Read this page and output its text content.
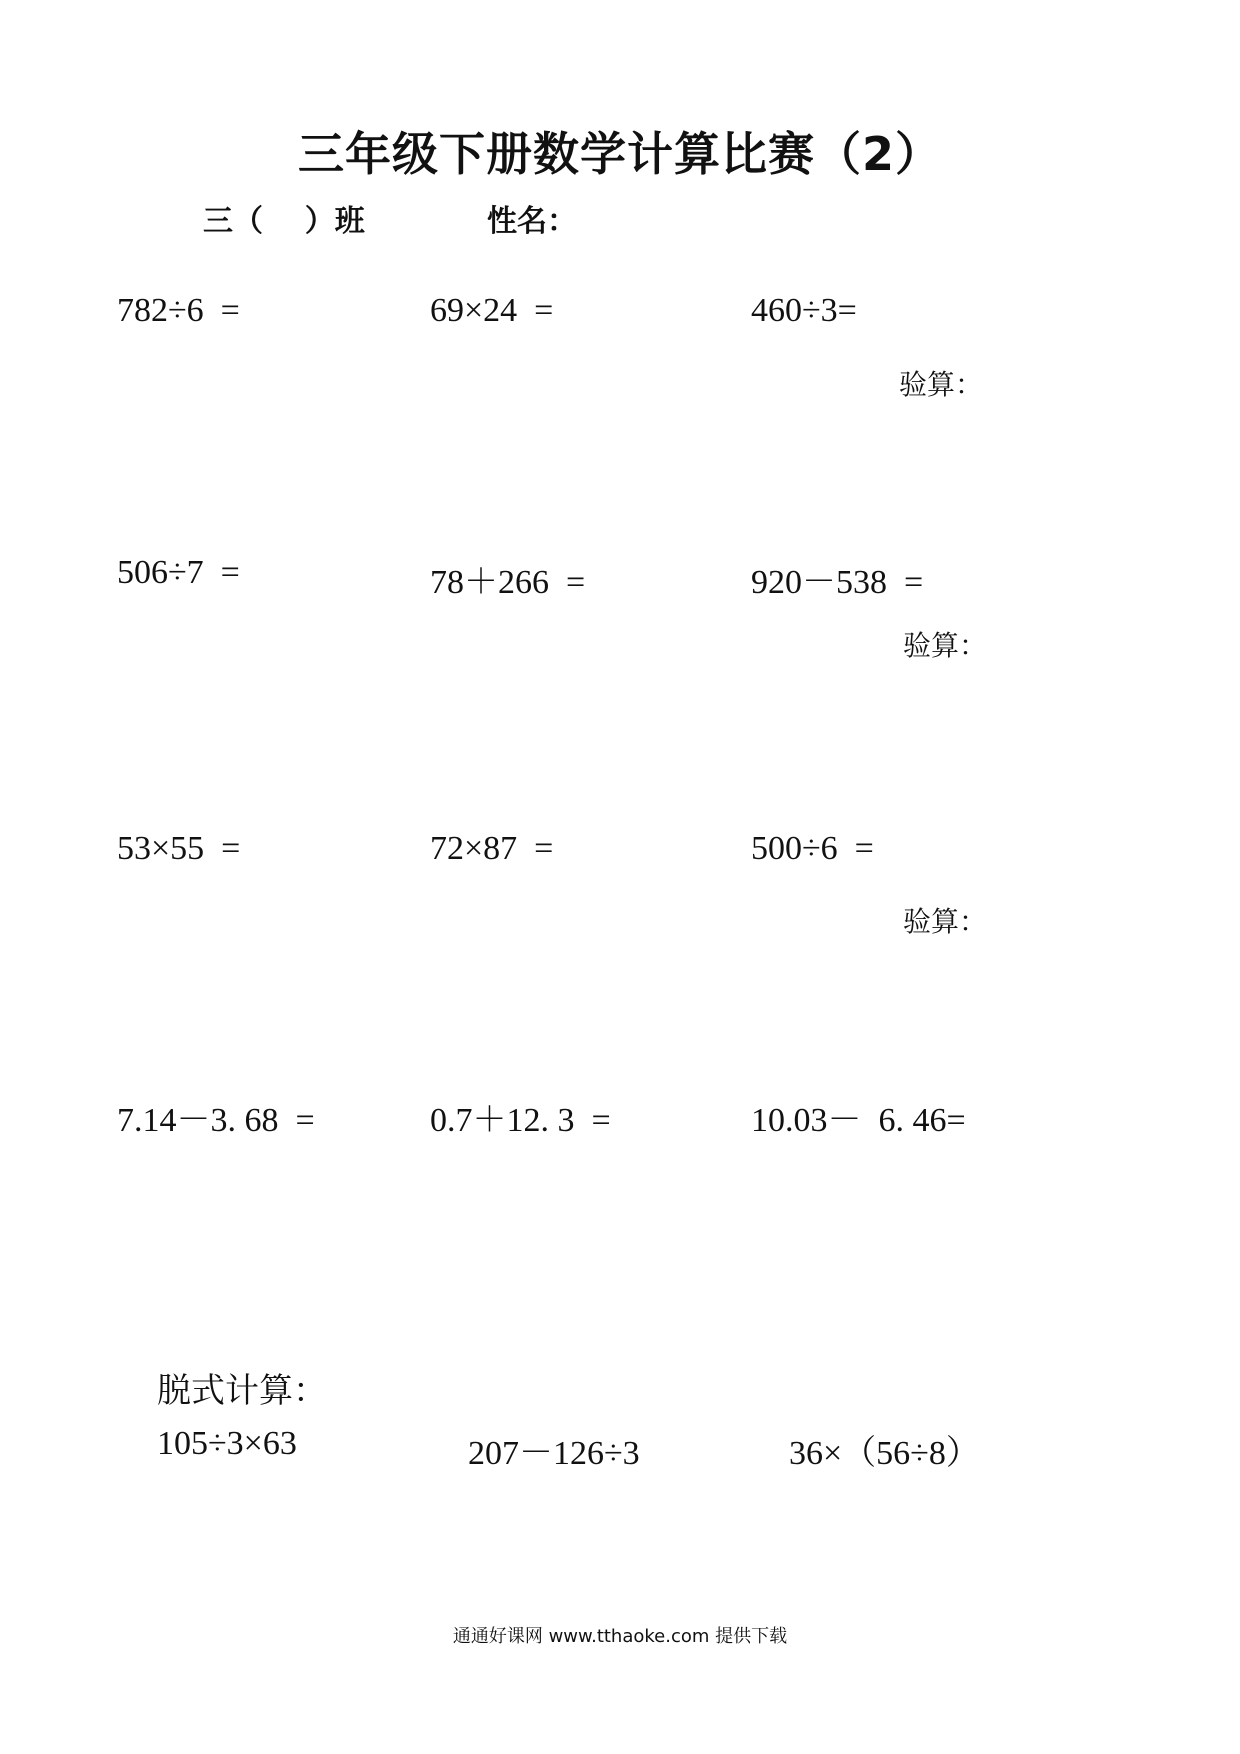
三年级下册数学计算比赛（2）
三（    ）班	性名：
782÷6  =	69×24  =	460÷3=
验算：
506÷7  =	78＋266  =	920－538  =
验算：
53×55  =	72×87  =	500÷6  =
验算：
7.14－3. 68  =	0.7＋12. 3  =	10.03－  6. 46=
脱式计算：
105÷3×63	207－126÷3	36×（56÷8）
通通好课网 www.tthaoke.com 提供下载
